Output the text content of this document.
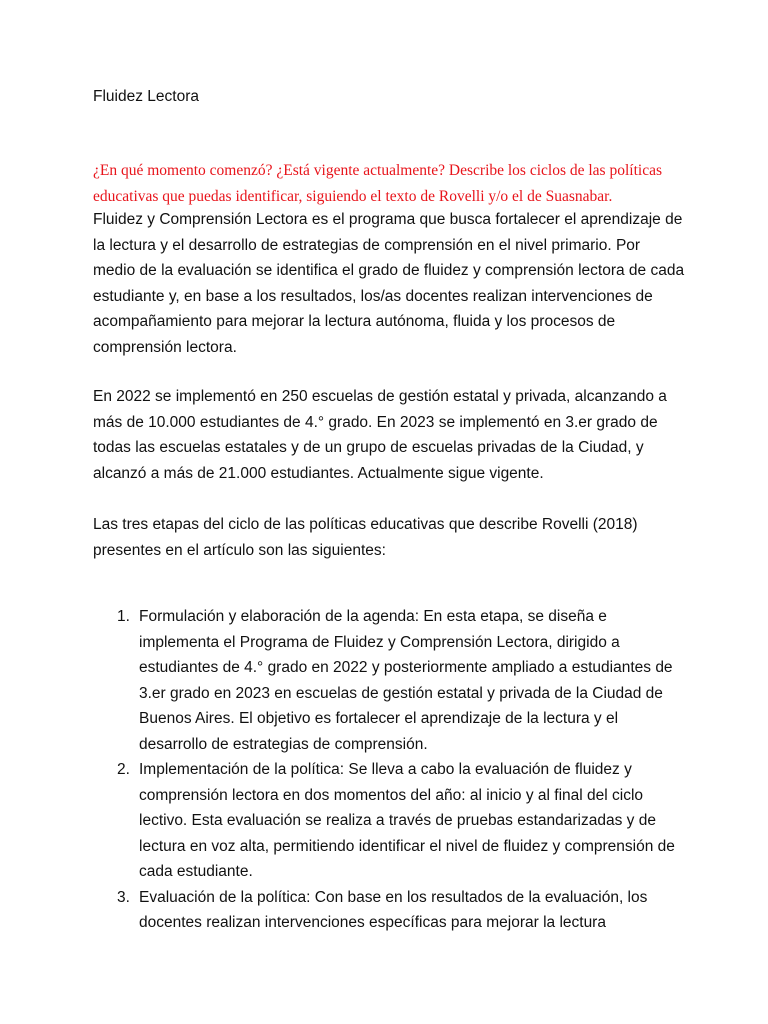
Fluidez Lectora

¿En qué momento comenzó? ¿Está vigente actualmente? Describe los ciclos de las políticas educativas que puedas identificar, siguiendo el texto de Rovelli y/o el de Suasnabar.

Fluidez y Comprensión Lectora es el programa que busca fortalecer el aprendizaje de la lectura y el desarrollo de estrategias de comprensión en el nivel primario. Por medio de la evaluación se identifica el grado de fluidez y comprensión lectora de cada estudiante y, en base a los resultados, los/as docentes realizan intervenciones de acompañamiento para mejorar la lectura autónoma, fluida y los procesos de comprensión lectora.

En 2022 se implementó en 250 escuelas de gestión estatal y privada, alcanzando a más de 10.000 estudiantes de 4.° grado. En 2023 se implementó en 3.er grado de todas las escuelas estatales y de un grupo de escuelas privadas de la Ciudad, y alcanzó a más de 21.000 estudiantes. Actualmente sigue vigente.

Las tres etapas del ciclo de las políticas educativas que describe Rovelli (2018) presentes en el artículo son las siguientes:

1. Formulación y elaboración de la agenda: En esta etapa, se diseña e implementa el Programa de Fluidez y Comprensión Lectora, dirigido a estudiantes de 4.° grado en 2022 y posteriormente ampliado a estudiantes de 3.er grado en 2023 en escuelas de gestión estatal y privada de la Ciudad de Buenos Aires. El objetivo es fortalecer el aprendizaje de la lectura y el desarrollo de estrategias de comprensión.
2. Implementación de la política: Se lleva a cabo la evaluación de fluidez y comprensión lectora en dos momentos del año: al inicio y al final del ciclo lectivo. Esta evaluación se realiza a través de pruebas estandarizadas y de lectura en voz alta, permitiendo identificar el nivel de fluidez y comprensión de cada estudiante.
3. Evaluación de la política: Con base en los resultados de la evaluación, los docentes realizan intervenciones específicas para mejorar la lectura
